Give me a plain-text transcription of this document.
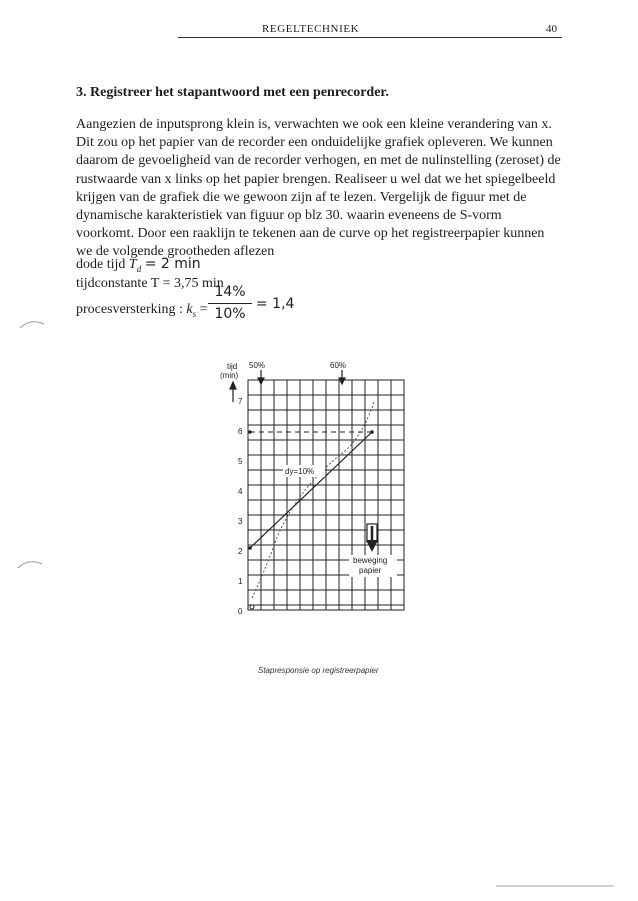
REGELTECHNIEK	40
3. Registreer het stapantwoord met een penrecorder.

Aangezien de inputsprong klein is, verwachten we ook een kleine verandering van x. Dit zou op het papier van de recorder een onduidelijke grafiek opleveren. We kunnen daarom de gevoeligheid van de recorder verhogen, en met de nulinstelling (zeroset) de rustwaarde van x links op het papier brengen. Realiseer u wel dat we het spiegelbeeld krijgen van de grafiek die we gewoon zijn af te lezen. Vergelijk de figuur met de dynamische karakteristiek van figuur op blz 30. waarin eveneens de S-vorm voorkomt. Door een raaklijn te tekenen aan de curve op het registreerpapier kunnen we de volgende grootheden aflezen

dode tijd $T_d = 2$ min
tijdconstante T = 3,75 min
procesversterking : $k_s$ =
14%
10%
= 1,4
50%	60%
tijd
(min)
7
6
5
4
3
2
1
0
dy=10%
beweging
papier
Stapresponsie op registreerpapier
